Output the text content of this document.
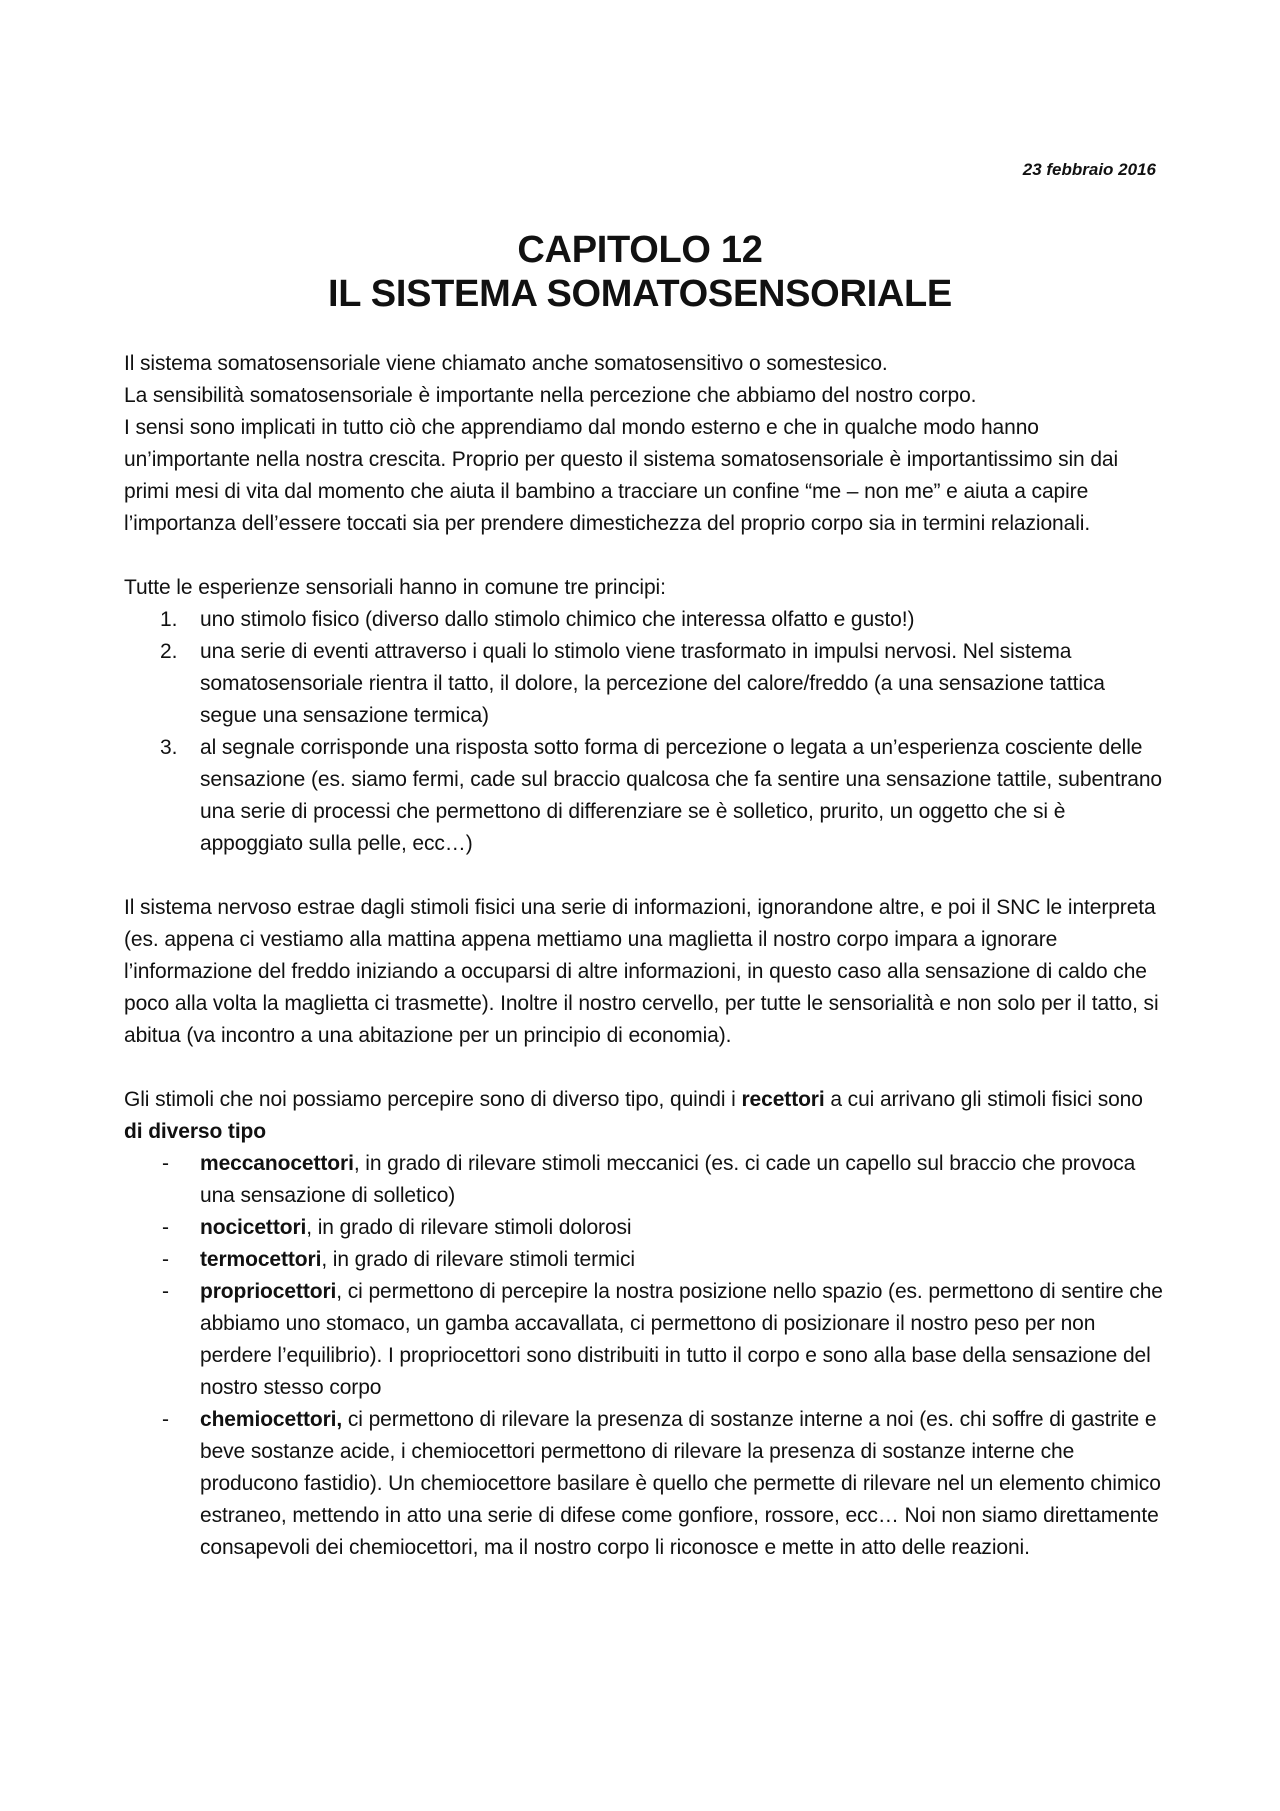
23 febbraio 2016
CAPITOLO 12
IL SISTEMA SOMATOSENSORIALE

Il sistema somatosensoriale viene chiamato anche somatosensitivo o somestesico.

La sensibilità somatosensoriale è importante nella percezione che abbiamo del nostro corpo.

I sensi sono implicati in tutto ciò che apprendiamo dal mondo esterno e che in qualche modo hanno un’importante nella nostra crescita. Proprio per questo il sistema somatosensoriale è importantissimo sin dai primi mesi di vita dal momento che aiuta il bambino a tracciare un confine “me – non me” e aiuta a capire l’importanza dell’essere toccati sia per prendere dimestichezza del proprio corpo sia in termini relazionali.

Tutte le esperienze sensoriali hanno in comune tre principi:

1. uno stimolo fisico (diverso dallo stimolo chimico che interessa olfatto e gusto!)
2. una serie di eventi attraverso i quali lo stimolo viene trasformato in impulsi nervosi. Nel sistema somatosensoriale rientra il tatto, il dolore, la percezione del calore/freddo (a una sensazione tattica segue una sensazione termica)
3. al segnale corrisponde una risposta sotto forma di percezione o legata a un’esperienza cosciente delle sensazione (es. siamo fermi, cade sul braccio qualcosa che fa sentire una sensazione tattile, subentrano una serie di processi che permettono di differenziare se è solletico, prurito, un oggetto che si è appoggiato sulla pelle, ecc…)

Il sistema nervoso estrae dagli stimoli fisici una serie di informazioni, ignorandone altre, e poi il SNC le interpreta (es. appena ci vestiamo alla mattina appena mettiamo una maglietta il nostro corpo impara a ignorare l’informazione del freddo iniziando a occuparsi di altre informazioni, in questo caso alla sensazione di caldo che poco alla volta la maglietta ci trasmette). Inoltre il nostro cervello, per tutte le sensorialità e non solo per il tatto, si abitua (va incontro a una abitazione per un principio di economia).

Gli stimoli che noi possiamo percepire sono di diverso tipo, quindi i recettori a cui arrivano gli stimoli fisici sono di diverso tipo

- meccanocettori, in grado di rilevare stimoli meccanici (es. ci cade un capello sul braccio che provoca una sensazione di solletico)
- nocicettori, in grado di rilevare stimoli dolorosi
- termocettori, in grado di rilevare stimoli termici
- propriocettori, ci permettono di percepire la nostra posizione nello spazio (es. permettono di sentire che abbiamo uno stomaco, un gamba accavallata, ci permettono di posizionare il nostro peso per non perdere l’equilibrio). I propriocettori sono distribuiti in tutto il corpo e sono alla base della sensazione del nostro stesso corpo
- chemiocettori, ci permettono di rilevare la presenza di sostanze interne a noi (es. chi soffre di gastrite e beve sostanze acide, i chemiocettori permettono di rilevare la presenza di sostanze interne che producono fastidio). Un chemiocettore basilare è quello che permette di rilevare nel un elemento chimico estraneo, mettendo in atto una serie di difese come gonfiore, rossore, ecc… Noi non siamo direttamente consapevoli dei chemiocettori, ma il nostro corpo li riconosce e mette in atto delle reazioni.
